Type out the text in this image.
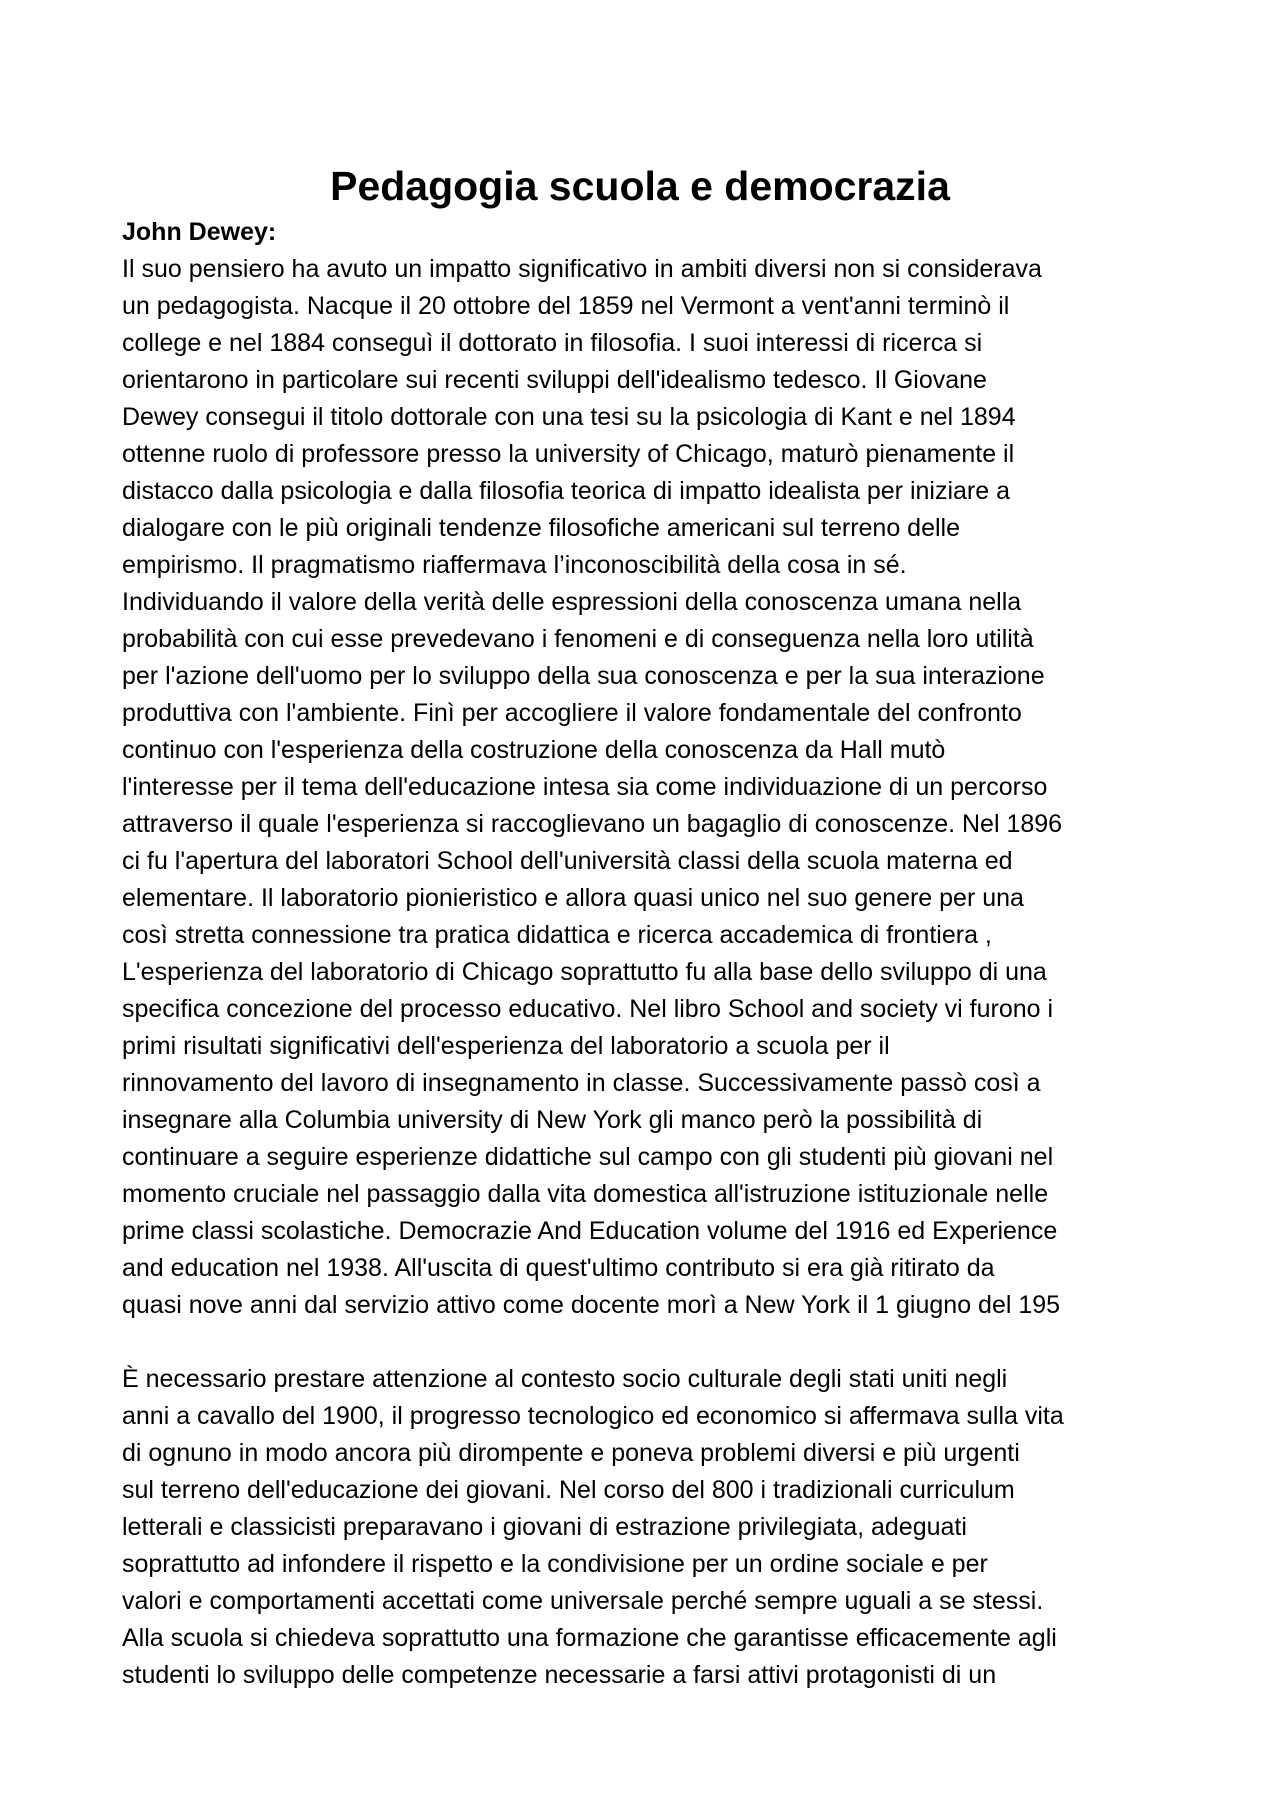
Pedagogia scuola e democrazia
John Dewey:
Il suo pensiero ha avuto un impatto significativo in ambiti diversi non si considerava
un pedagogista. Nacque il 20 ottobre del 1859 nel Vermont a vent'anni terminò il
college e nel 1884 conseguì il dottorato in filosofia. I suoi interessi di ricerca si
orientarono in particolare sui recenti sviluppi dell'idealismo tedesco. Il Giovane
Dewey consegui il titolo dottorale con una tesi su la psicologia di Kant e nel 1894
ottenne ruolo di professore presso la university of Chicago, maturò pienamente il
distacco dalla psicologia e dalla filosofia teorica di impatto idealista per iniziare a
dialogare con le più originali tendenze filosofiche americani sul terreno delle
empirismo. Il pragmatismo riaffermava l’inconoscibilità della cosa in sé.
Individuando il valore della verità delle espressioni della conoscenza umana nella
probabilità con cui esse prevedevano i fenomeni e di conseguenza nella loro utilità
per l'azione dell'uomo per lo sviluppo della sua conoscenza e per la sua interazione
produttiva con l'ambiente. Finì per accogliere il valore fondamentale del confronto
continuo con l'esperienza della costruzione della conoscenza da Hall mutò
l'interesse per il tema dell'educazione intesa sia come individuazione di un percorso
attraverso il quale l'esperienza si raccoglievano un bagaglio di conoscenze. Nel 1896
ci fu l'apertura del laboratori School dell'università classi della scuola materna ed
elementare. Il laboratorio pionieristico e allora quasi unico nel suo genere per una
così stretta connessione tra pratica didattica e ricerca accademica di frontiera ,
L'esperienza del laboratorio di Chicago soprattutto fu alla base dello sviluppo di una
specifica concezione del processo educativo. Nel libro School and society vi furono i
primi risultati significativi dell'esperienza del laboratorio a scuola per il
rinnovamento del lavoro di insegnamento in classe. Successivamente passò così a
insegnare alla Columbia university di New York gli manco però la possibilità di
continuare a seguire esperienze didattiche sul campo con gli studenti più giovani nel
momento cruciale nel passaggio dalla vita domestica all'istruzione istituzionale nelle
prime classi scolastiche. Democrazie And Education volume del 1916 ed Experience
and education nel 1938. All'uscita di quest'ultimo contributo si era già ritirato da
quasi nove anni dal servizio attivo come docente morì a New York il 1 giugno del 195
È necessario prestare attenzione al contesto socio culturale degli stati uniti negli
anni a cavallo del 1900, il progresso tecnologico ed economico si affermava sulla vita
di ognuno in modo ancora più dirompente e poneva problemi diversi e più urgenti
sul terreno dell'educazione dei giovani. Nel corso del 800 i tradizionali curriculum
letterali e classicisti preparavano i giovani di estrazione privilegiata, adeguati
soprattutto ad infondere il rispetto e la condivisione per un ordine sociale e per
valori e comportamenti accettati come universale perché sempre uguali a se stessi.
Alla scuola si chiedeva soprattutto una formazione che garantisse efficacemente agli
studenti lo sviluppo delle competenze necessarie a farsi attivi protagonisti di un
